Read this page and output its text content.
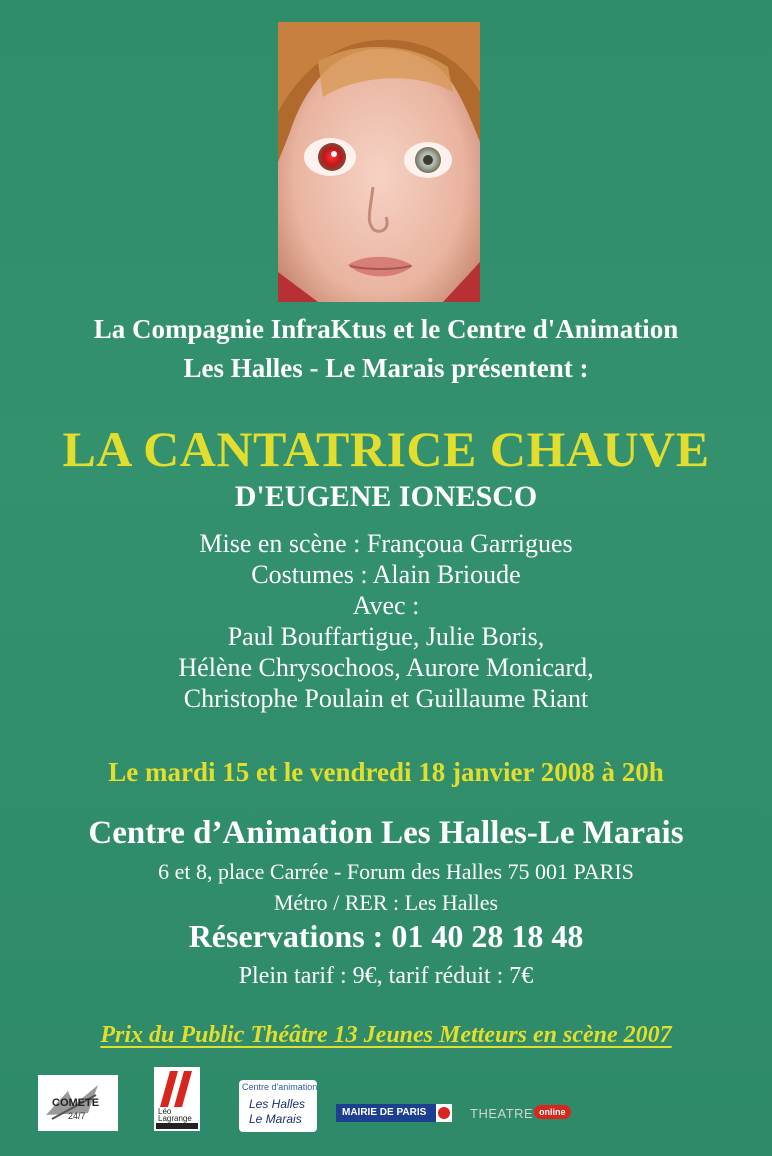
La Compagnie InfraKtus et le Centre d'Animation
Les Halles - Le Marais présentent :
LA CANTATRICE CHAUVE
D'EUGENE IONESCO
Mise en scène : Françoua Garrigues
Costumes : Alain Brioude
Avec :
Paul Bouffartigue, Julie Boris,
Hélène Chrysochoos, Aurore Monicard,
Christophe Poulain et Guillaume Riant
Le mardi 15 et le vendredi 18 janvier 2008 à 20h
Centre d’Animation Les Halles-Le Marais
6 et 8, place Carrée - Forum des Halles 75 001 PARIS
Métro / RER : Les Halles
Réservations : 01 40 28 18 48
Plein tarif : 9€, tarif réduit : 7€
Prix du Public Théâtre 13 Jeunes Metteurs en scène 2007
COMETE
24/7	Léo
Lagrange
Centre d'animation
Les Halles
Le Marais	MAIRIE DE PARIS	THEATRE online
